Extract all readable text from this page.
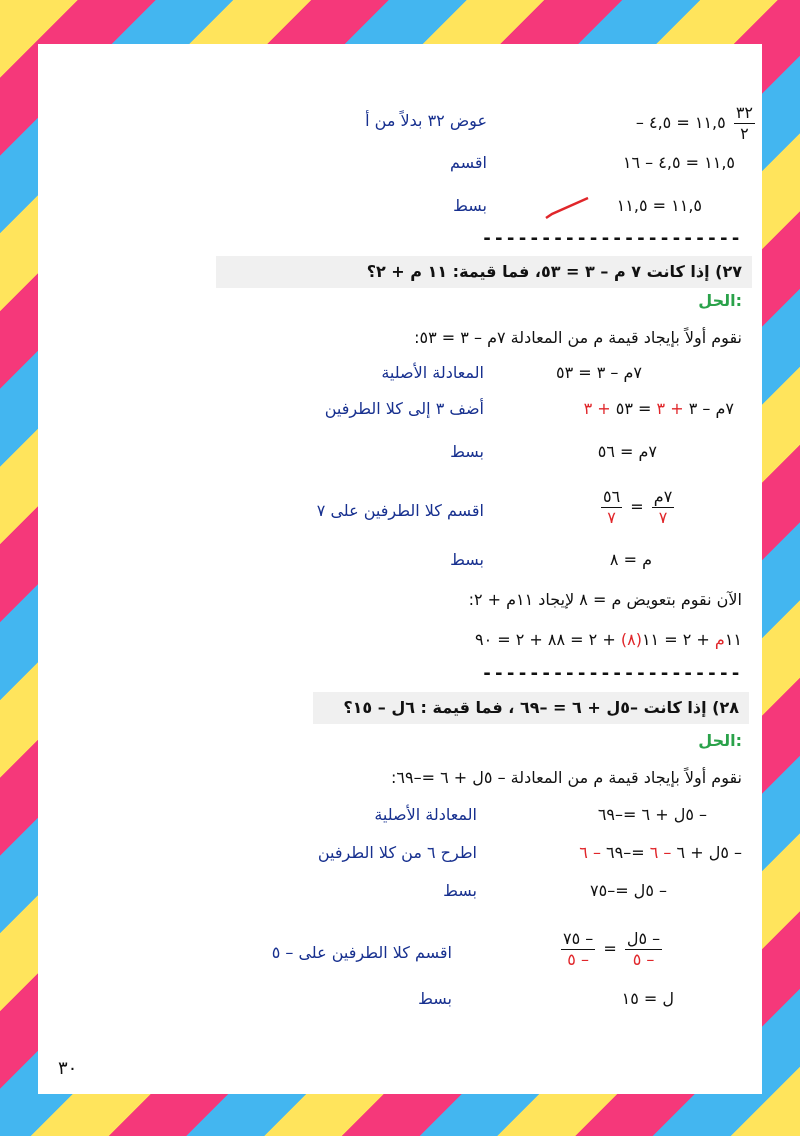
$\frac{٣٢}{٢}$
١١,٥ = ٤,٥ –
عوض ٣٢ بدلاً من أ
١١,٥ = ٤,٥ – ١٦
اقسم
١١,٥ = ١١,٥
بسط
----------------------
٢٧) إذا كانت ٧ م – ٣ = ٥٣، فما قيمة: ١١ م + ٢؟
الحل:
نقوم أولاً بإيجاد قيمة م من المعادلة ٧م – ٣ = ٥٣:
٧م – ٣ = ٥٣
المعادلة الأصلية
٧م – ٣ + ٣ = ٥٣ + ٣
أضف ٣ إلى كلا الطرفين
٧م = ٥٦
بسط
$\frac{\text{٧م}}{٧}$
=
$\frac{٥٦}{٧}$
اقسم كلا الطرفين على ٧
م = ٨
بسط
الآن نقوم بتعويض م = ٨ لإيجاد ١١م + ٢:
١١م + ٢ = ١١(٨) + ٢ = ٨٨ + ٢ = ٩٠
----------------------
٢٨) إذا كانت –٥ل + ٦ = –٦٩ ، فما قيمة : ٦ل – ١٥؟
الحل:
نقوم أولاً بإيجاد قيمة م من المعادلة – ٥ل + ٦ =–٦٩:
– ٥ل + ٦ =–٦٩
المعادلة الأصلية
– ٥ل + ٦ – ٦ =–٦٩ – ٦
اطرح ٦ من كلا الطرفين
– ٥ل =–٧٥
بسط
$\frac{\text{– ٥ل}}{- ٥}$
=
$\frac{- ٧٥}{- ٥}$
اقسم كلا الطرفين على – ٥
ل = ١٥
بسط
٣٠
